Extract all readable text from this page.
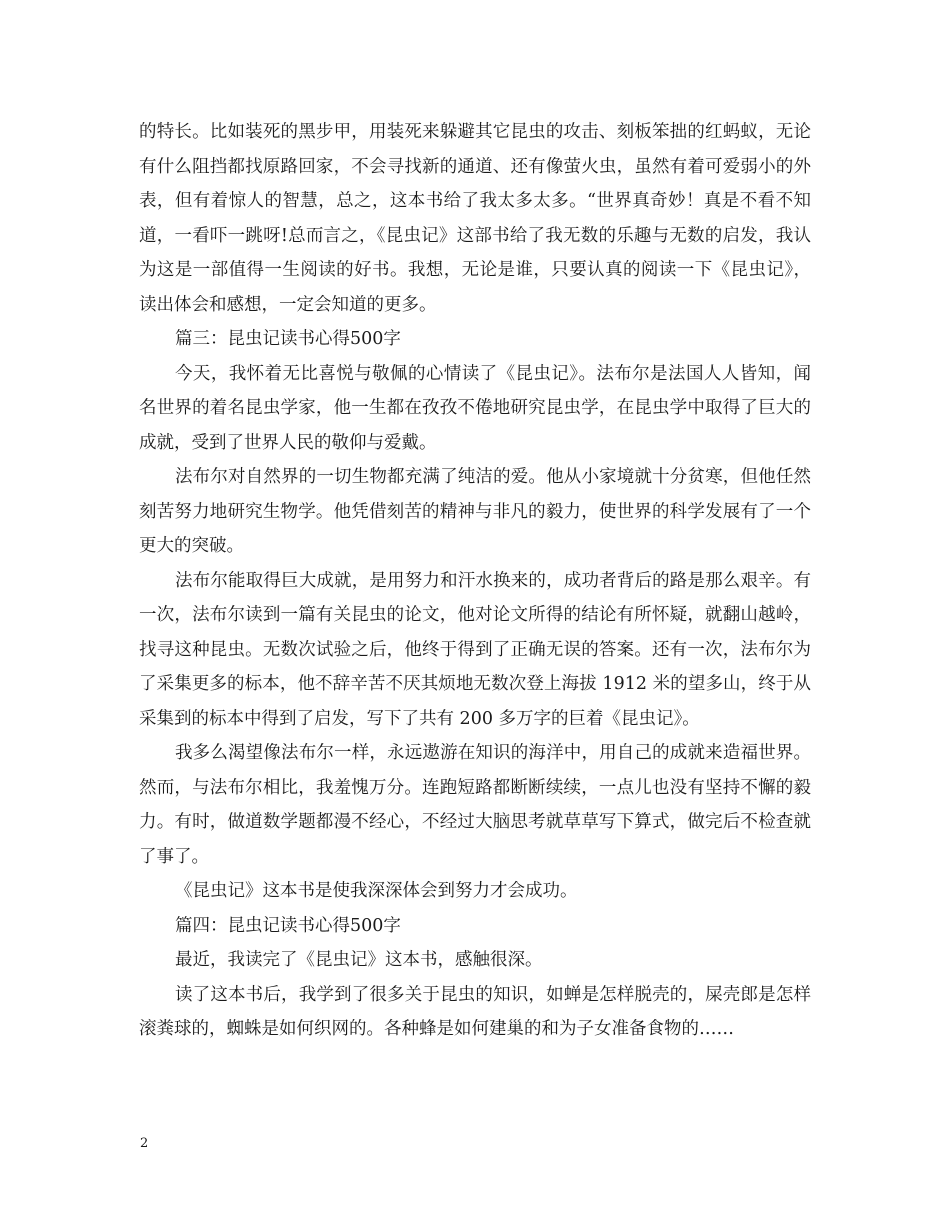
的特长。比如装死的黑步甲，用装死来躲避其它昆虫的攻击、刻板笨拙的红蚂蚁，无论有什么阻挡都找原路回家，不会寻找新的通道、还有像萤火虫，虽然有着可爱弱小的外表，但有着惊人的智慧，总之，这本书给了我太多太多。“世界真奇妙！真是不看不知道，一看吓一跳呀!总而言之，《昆虫记》这部书给了我无数的乐趣与无数的启发，我认为这是一部值得一生阅读的好书。我想，无论是谁，只要认真的阅读一下《昆虫记》，读出体会和感想，一定会知道的更多。

篇三：昆虫记读书心得500字

今天，我怀着无比喜悦与敬佩的心情读了《昆虫记》。法布尔是法国人人皆知，闻名世界的着名昆虫学家，他一生都在孜孜不倦地研究昆虫学，在昆虫学中取得了巨大的成就，受到了世界人民的敬仰与爱戴。

法布尔对自然界的一切生物都充满了纯洁的爱。他从小家境就十分贫寒，但他任然刻苦努力地研究生物学。他凭借刻苦的精神与非凡的毅力，使世界的科学发展有了一个更大的突破。

法布尔能取得巨大成就，是用努力和汗水换来的，成功者背后的路是那么艰辛。有一次，法布尔读到一篇有关昆虫的论文，他对论文所得的结论有所怀疑，就翻山越岭，找寻这种昆虫。无数次试验之后，他终于得到了正确无误的答案。还有一次，法布尔为了采集更多的标本，他不辞辛苦不厌其烦地无数次登上海拔 1912 米的望多山，终于从采集到的标本中得到了启发，写下了共有 200 多万字的巨着《昆虫记》。

我多么渴望像法布尔一样，永远遨游在知识的海洋中，用自己的成就来造福世界。然而，与法布尔相比，我羞愧万分。连跑短路都断断续续，一点儿也没有坚持不懈的毅力。有时，做道数学题都漫不经心，不经过大脑思考就草草写下算式，做完后不检查就了事了。

《昆虫记》这本书是使我深深体会到努力才会成功。

篇四：昆虫记读书心得500字

最近，我读完了《昆虫记》这本书，感触很深。

读了这本书后，我学到了很多关于昆虫的知识，如蝉是怎样脱壳的，屎壳郎是怎样滚粪球的，蜘蛛是如何织网的。各种蜂是如何建巢的和为子女准备食物的……

2
